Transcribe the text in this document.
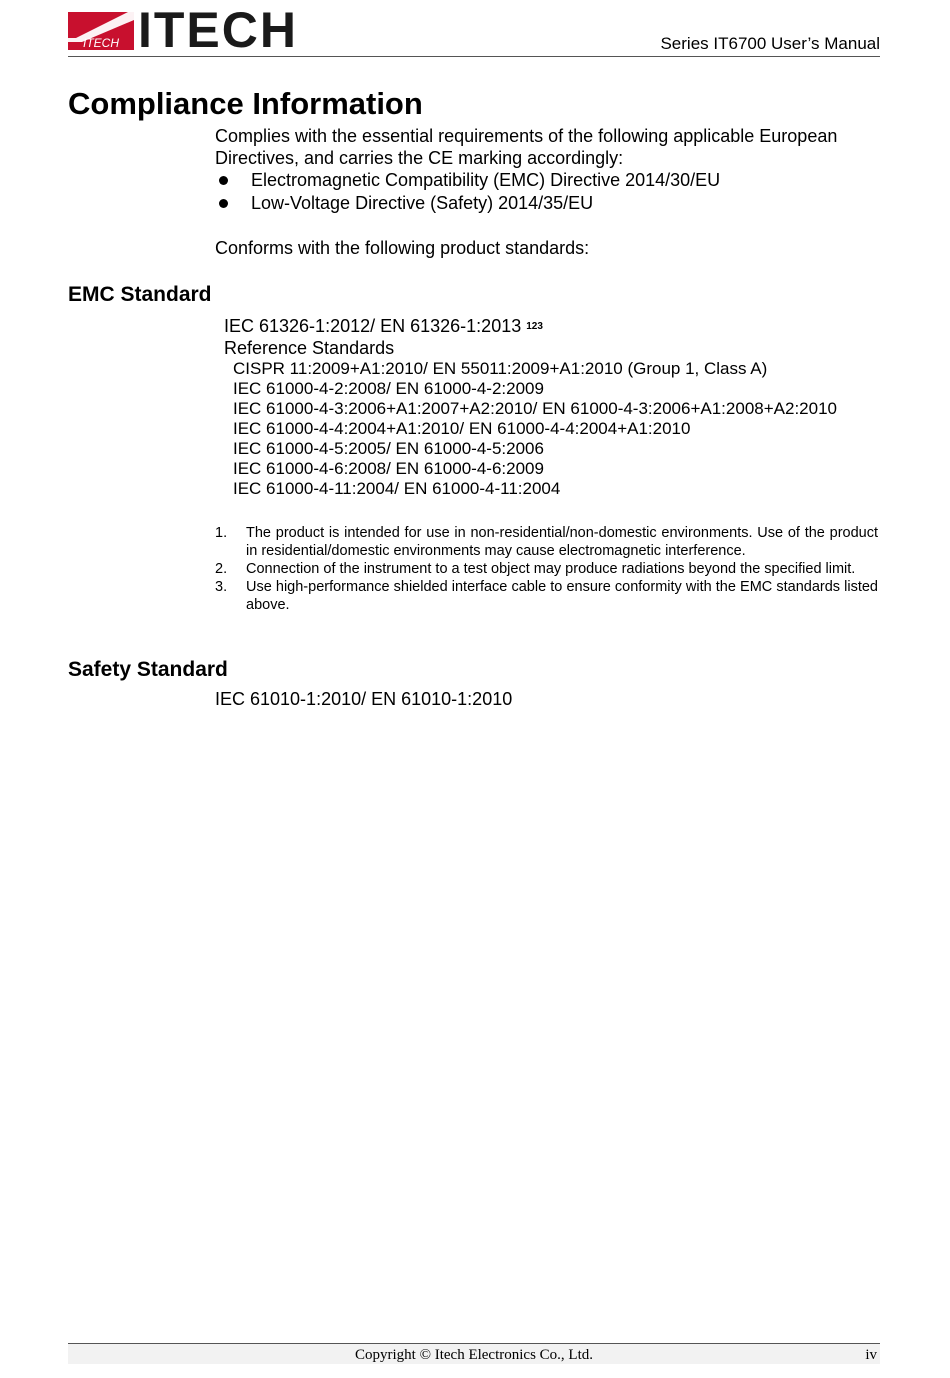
ITECH ITECH	Series IT6700 User’s Manual
Compliance Information

Complies with the essential requirements of the following applicable European Directives, and carries the CE marking accordingly:

Electromagnetic Compatibility (EMC) Directive 2014/30/EU
Low-Voltage Directive (Safety) 2014/35/EU

Conforms with the following product standards:

EMC Standard

IEC 61326-1:2012/ EN 61326-1:2013 $^{123}$

Reference Standards

CISPR 11:2009+A1:2010/ EN 55011:2009+A1:2010 (Group 1, Class A)
IEC 61000-4-2:2008/ EN 61000-4-2:2009
IEC 61000-4-3:2006+A1:2007+A2:2010/ EN 61000-4-3:2006+A1:2008+A2:2010
IEC 61000-4-4:2004+A1:2010/ EN 61000-4-4:2004+A1:2010
IEC 61000-4-5:2005/ EN 61000-4-5:2006
IEC 61000-4-6:2008/ EN 61000-4-6:2009
IEC 61000-4-11:2004/ EN 61000-4-11:2004
1. The product is intended for use in non-residential/non-domestic environments. Use of the product in residential/domestic environments may cause electromagnetic interference.
2. Connection of the instrument to a test object may produce radiations beyond the specified limit.
3. Use high-performance shielded interface cable to ensure conformity with the EMC standards listed above.
Safety Standard

IEC 61010-1:2010/ EN 61010-1:2010

Copyright © Itech Electronics Co., Ltd.	iv
